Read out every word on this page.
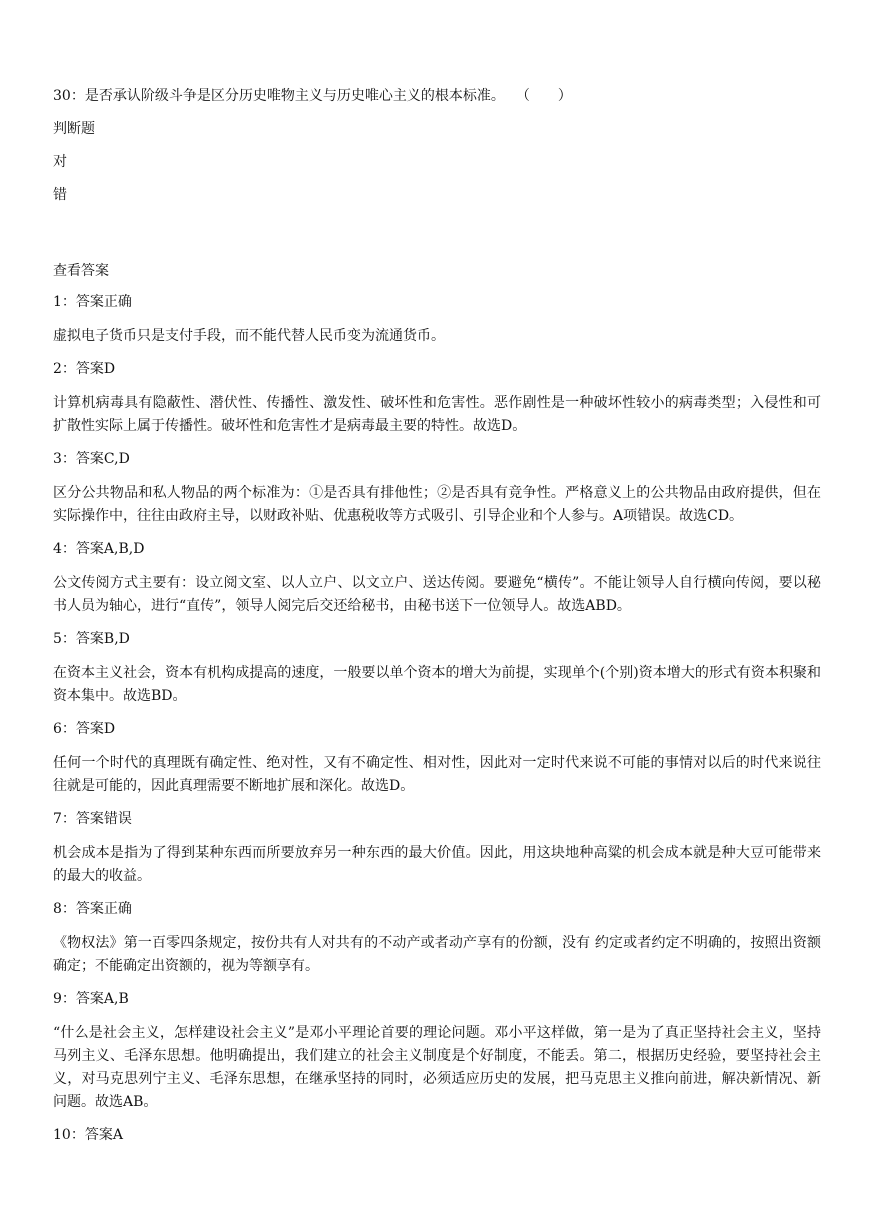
30：是否承认阶级斗争是区分历史唯物主义与历史唯心主义的根本标准。 （　　）

判断题

对

错

查看答案

1：答案正确

虚拟电子货币只是支付手段，而不能代替人民币变为流通货币。

2：答案D

计算机病毒具有隐蔽性、潜伏性、传播性、激发性、破坏性和危害性。恶作剧性是一种破坏性较小的病毒类型；入侵性和可扩散性实际上属于传播性。破坏性和危害性才是病毒最主要的特性。故选D。

3：答案C,D

区分公共物品和私人物品的两个标准为：①是否具有排他性；②是否具有竞争性。严格意义上的公共物品由政府提供，但在实际操作中，往往由政府主导，以财政补贴、优惠税收等方式吸引、引导企业和个人参与。A项错误。故选CD。

4：答案A,B,D

公文传阅方式主要有：设立阅文室、以人立户、以文立户、送达传阅。要避免“横传”。不能让领导人自行横向传阅，要以秘书人员为轴心，进行“直传”，领导人阅完后交还给秘书，由秘书送下一位领导人。故选ABD。

5：答案B,D

在资本主义社会，资本有机构成提高的速度，一般要以单个资本的增大为前提，实现单个(个别)资本增大的形式有资本积聚和资本集中。故选BD。

6：答案D

任何一个时代的真理既有确定性、绝对性，又有不确定性、相对性，因此对一定时代来说不可能的事情对以后的时代来说往往就是可能的，因此真理需要不断地扩展和深化。故选D。

7：答案错误

机会成本是指为了得到某种东西而所要放弃另一种东西的最大价值。因此，用这块地种高粱的机会成本就是种大豆可能带来的最大的收益。

8：答案正确

《物权法》第一百零四条规定，按份共有人对共有的不动产或者动产享有的份额，没有 约定或者约定不明确的，按照出资额确定；不能确定出资额的，视为等额享有。

9：答案A,B

“什么是社会主义，怎样建设社会主义”是邓小平理论首要的理论问题。邓小平这样做，第一是为了真正坚持社会主义，坚持马列主义、毛泽东思想。他明确提出，我们建立的社会主义制度是个好制度，不能丢。第二，根据历史经验，要坚持社会主义，对马克思列宁主义、毛泽东思想，在继承坚持的同时，必须适应历史的发展，把马克思主义推向前进，解决新情况、新问题。故选AB。

10：答案A
